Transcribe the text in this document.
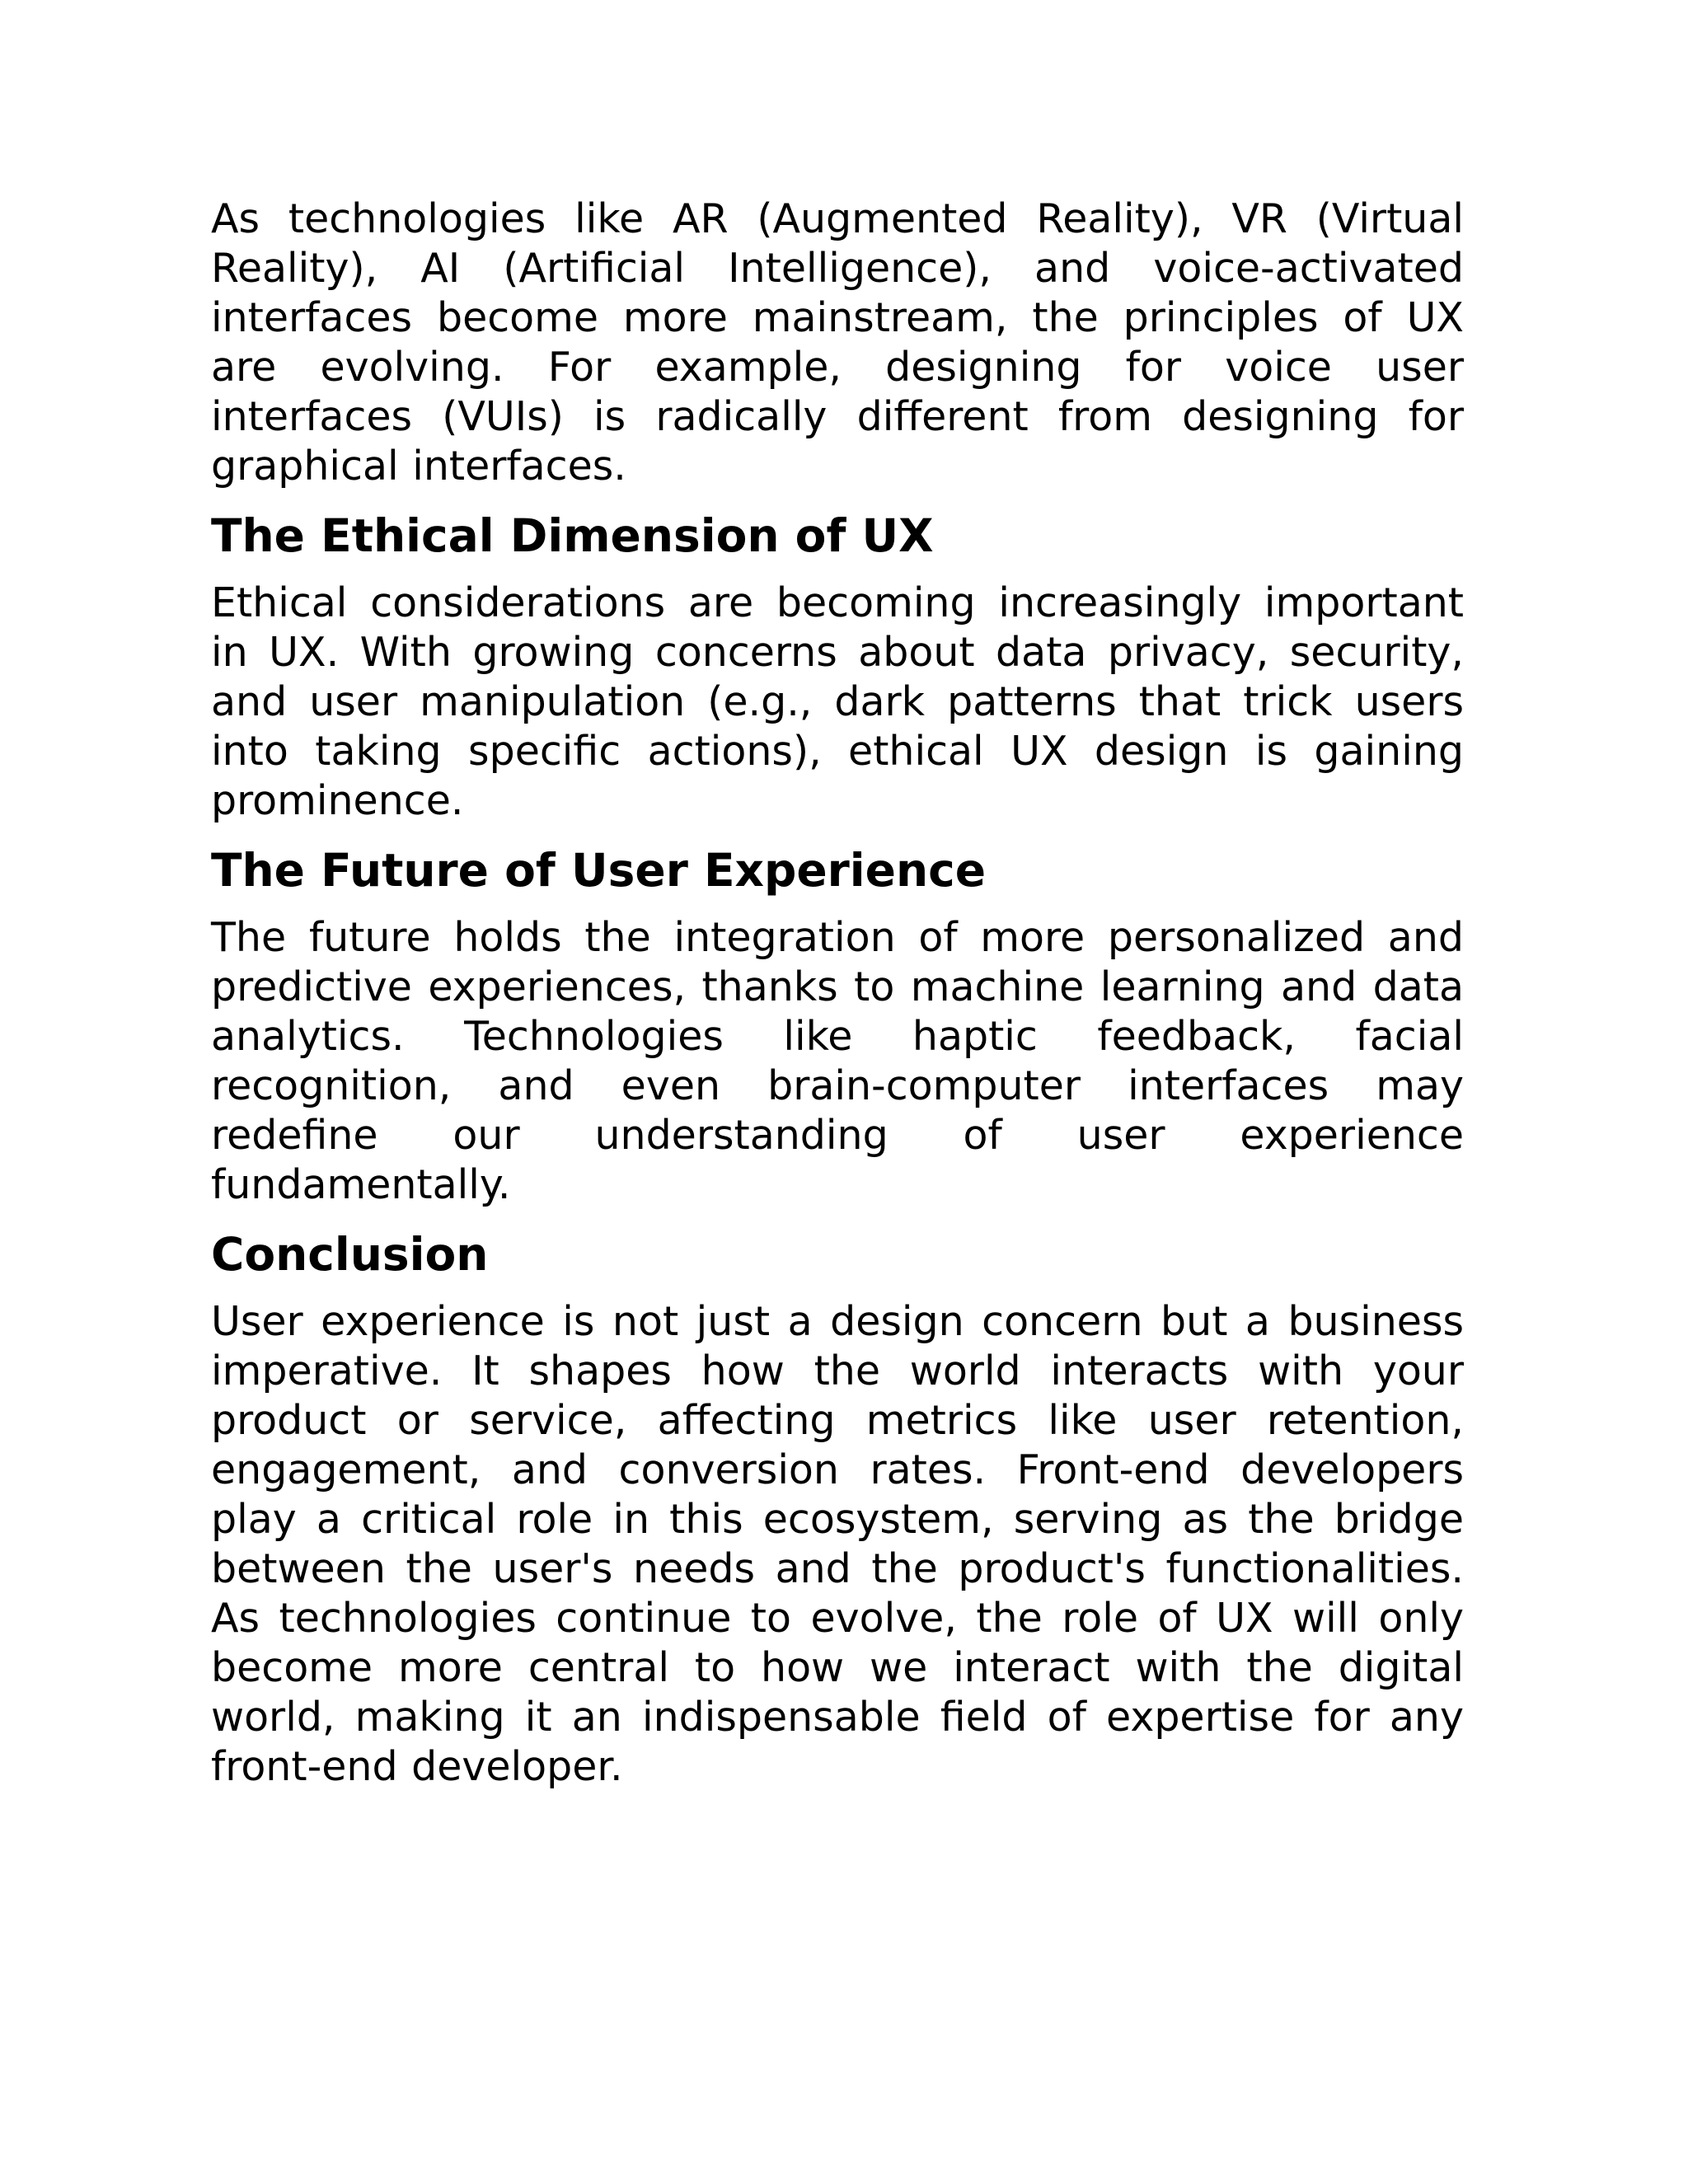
As technologies like AR (Augmented Reality), VR (Virtual Reality), AI (Artificial Intelligence), and voice-activated interfaces become more mainstream, the principles of UX are evolving. For example, designing for voice user interfaces (VUIs) is radically different from designing for graphical interfaces.

The Ethical Dimension of UX

Ethical considerations are becoming increasingly important in UX. With growing concerns about data privacy, security, and user manipulation (e.g., dark patterns that trick users into taking specific actions), ethical UX design is gaining prominence.

The Future of User Experience

The future holds the integration of more personalized and predictive experiences, thanks to machine learning and data analytics. Technologies like haptic feedback, facial recognition, and even brain-computer interfaces may redefine our understanding of user experience fundamentally.

Conclusion

User experience is not just a design concern but a business imperative. It shapes how the world interacts with your product or service, affecting metrics like user retention, engagement, and conversion rates. Front-end developers play a critical role in this ecosystem, serving as the bridge between the user's needs and the product's functionalities. As technologies continue to evolve, the role of UX will only become more central to how we interact with the digital world, making it an indispensable field of expertise for any front-end developer.
